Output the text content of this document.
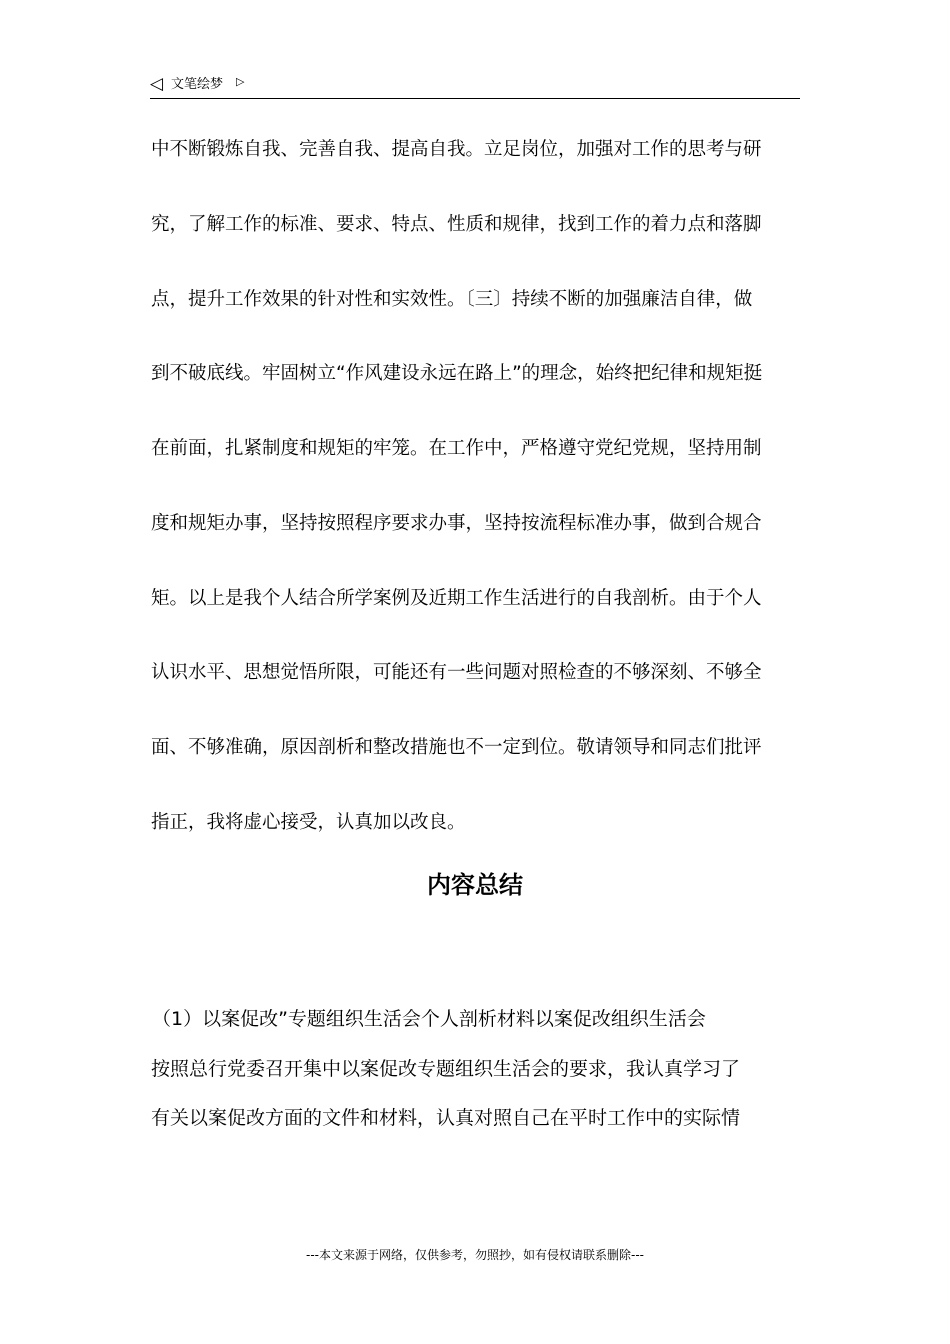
◁ 文笔绘梦 ▷
中不断锻炼自我、完善自我、提高自我。立足岗位，加强对工作的思考与研
究，了解工作的标准、要求、特点、性质和规律，找到工作的着力点和落脚
点，提升工作效果的针对性和实效性。〔三〕持续不断的加强廉洁自律，做
到不破底线。牢固树立“作风建设永远在路上”的理念，始终把纪律和规矩挺
在前面，扎紧制度和规矩的牢笼。在工作中，严格遵守党纪党规，坚持用制
度和规矩办事，坚持按照程序要求办事，坚持按流程标准办事，做到合规合
矩。以上是我个人结合所学案例及近期工作生活进行的自我剖析。由于个人
认识水平、思想觉悟所限，可能还有一些问题对照检查的不够深刻、不够全
面、不够准确，原因剖析和整改措施也不一定到位。敬请领导和同志们批评
指正，我将虚心接受，认真加以改良。
内容总结
（1）以案促改”专题组织生活会个人剖析材料以案促改组织生活会
按照总行党委召开集中以案促改专题组织生活会的要求，我认真学习了
有关以案促改方面的文件和材料，认真对照自己在平时工作中的实际情
---本文来源于网络，仅供参考，勿照抄，如有侵权请联系删除---
